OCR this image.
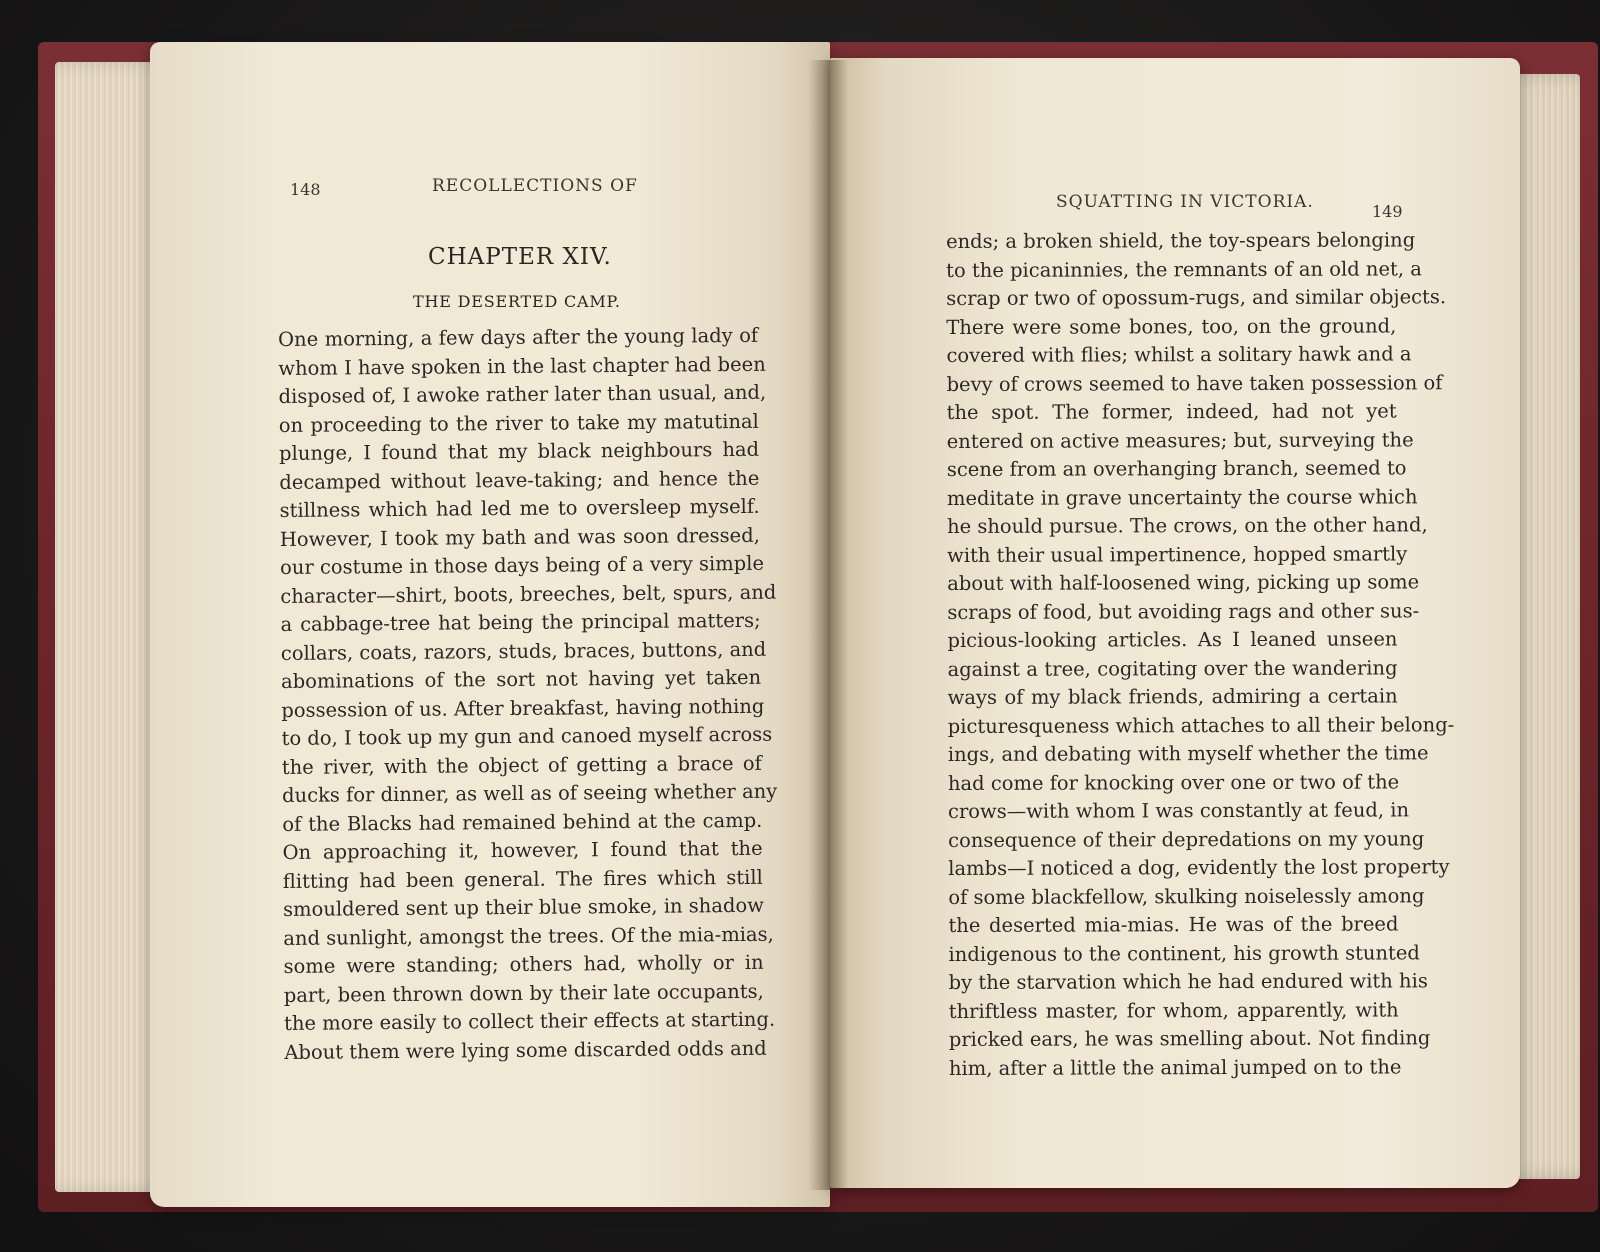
148	RECOLLECTIONS OF
CHAPTER XIV.
THE DESERTED CAMP.
One morning, a few days after the young lady of
whom I have spoken in the last chapter had been
disposed of, I awoke rather later than usual, and,
on proceeding to the river to take my matutinal
plunge, I found that my black neighbours had
decamped without leave-taking; and hence the
stillness which had led me to oversleep myself.
However, I took my bath and was soon dressed,
our costume in those days being of a very simple
character—shirt, boots, breeches, belt, spurs, and
a cabbage-tree hat being the principal matters;
collars, coats, razors, studs, braces, buttons, and
abominations of the sort not having yet taken
possession of us. After breakfast, having nothing
to do, I took up my gun and canoed myself across
the river, with the object of getting a brace of
ducks for dinner, as well as of seeing whether any
of the Blacks had remained behind at the camp.
On approaching it, however, I found that the
flitting had been general. The fires which still
smouldered sent up their blue smoke, in shadow
and sunlight, amongst the trees. Of the mia-mias,
some were standing; others had, wholly or in
part, been thrown down by their late occupants,
the more easily to collect their effects at starting.
About them were lying some discarded odds and
SQUATTING IN VICTORIA.	149
ends; a broken shield, the toy-spears belonging
to the picaninnies, the remnants of an old net, a
scrap or two of opossum-rugs, and similar objects.
There were some bones, too, on the ground,
covered with flies; whilst a solitary hawk and a
bevy of crows seemed to have taken possession of
the spot. The former, indeed, had not yet
entered on active measures; but, surveying the
scene from an overhanging branch, seemed to
meditate in grave uncertainty the course which
he should pursue. The crows, on the other hand,
with their usual impertinence, hopped smartly
about with half-loosened wing, picking up some
scraps of food, but avoiding rags and other sus-
picious-looking articles. As I leaned unseen
against a tree, cogitating over the wandering
ways of my black friends, admiring a certain
picturesqueness which attaches to all their belong-
ings, and debating with myself whether the time
had come for knocking over one or two of the
crows—with whom I was constantly at feud, in
consequence of their depredations on my young
lambs—I noticed a dog, evidently the lost property
of some blackfellow, skulking noiselessly among
the deserted mia-mias. He was of the breed
indigenous to the continent, his growth stunted
by the starvation which he had endured with his
thriftless master, for whom, apparently, with
pricked ears, he was smelling about. Not finding
him, after a little the animal jumped on to the
